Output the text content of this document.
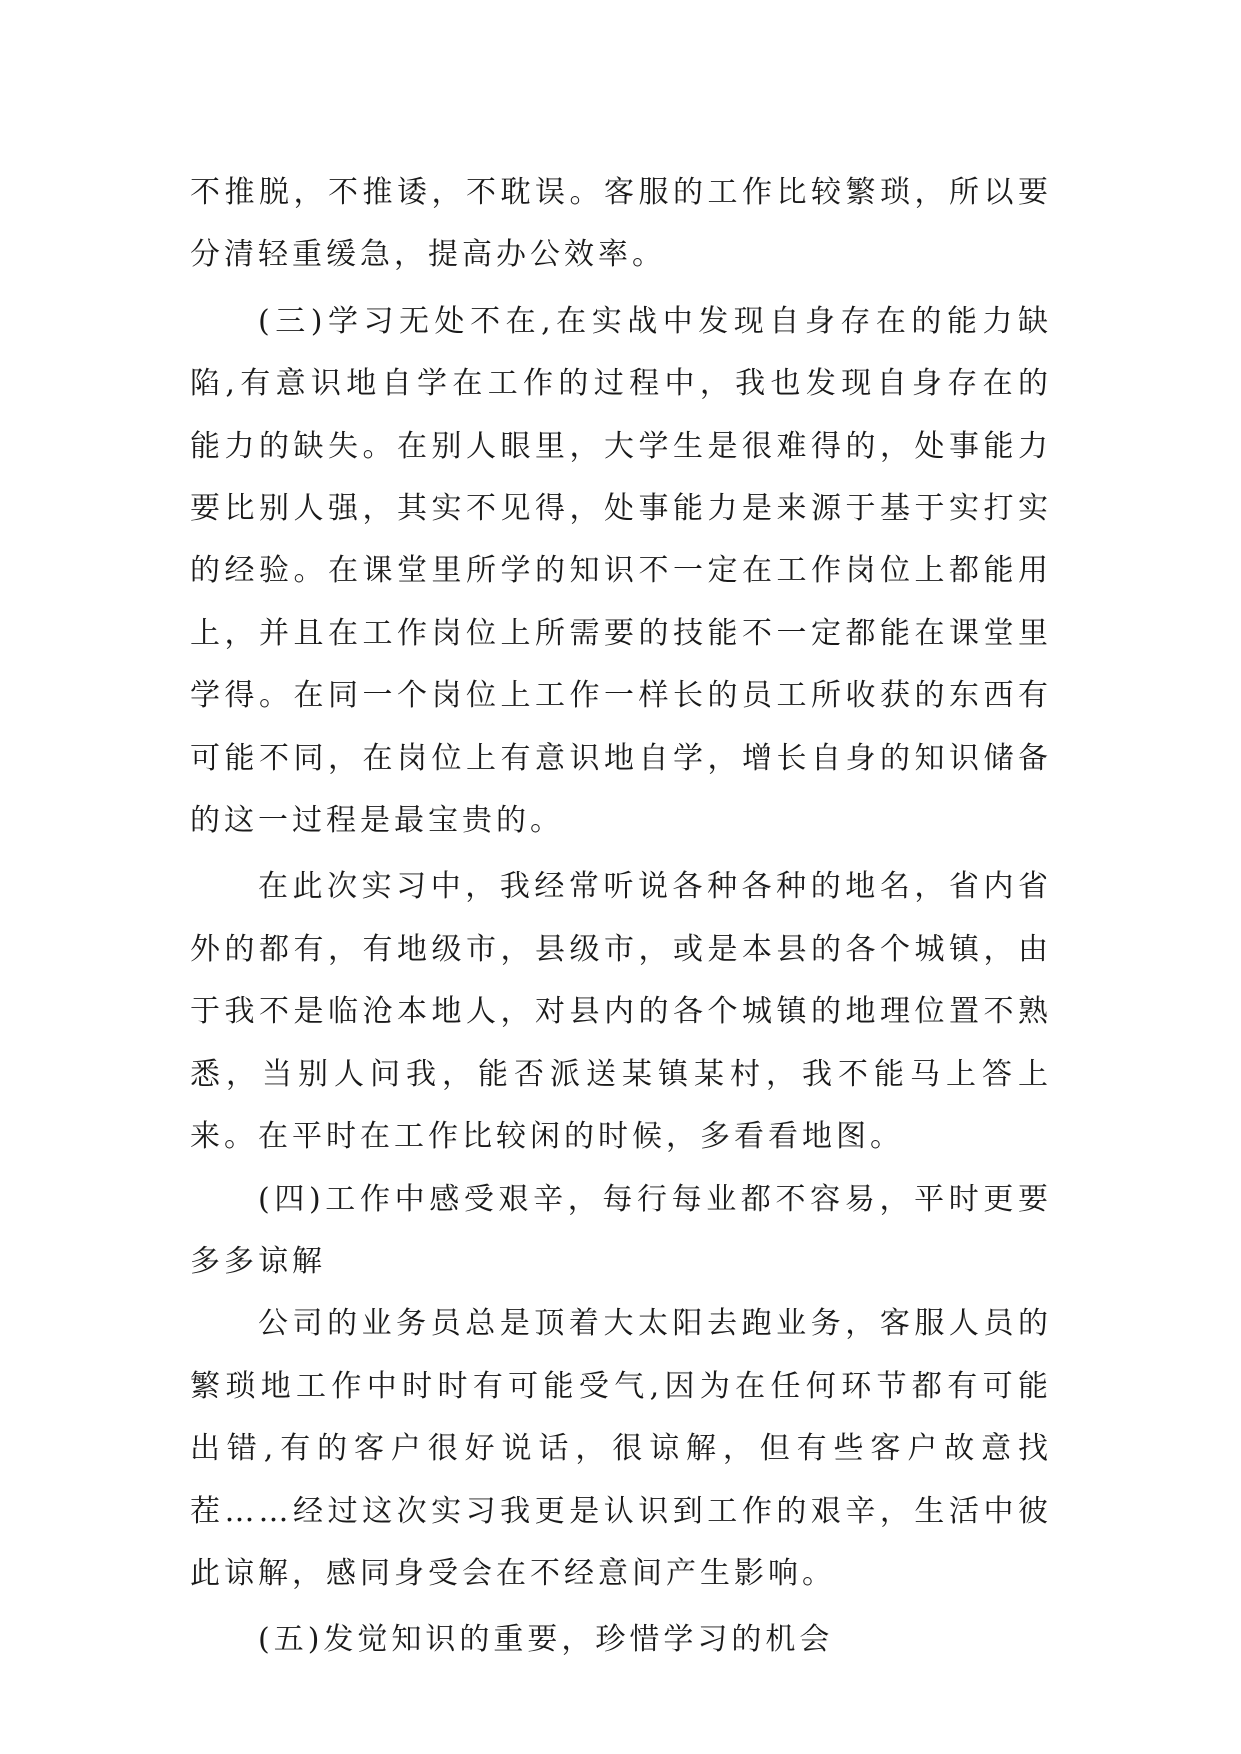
不推脱，不推诿，不耽误。客服的工作比较繁琐，所以要分清轻重缓急，提高办公效率。

(三)学习无处不在,在实战中发现自身存在的能力缺陷,有意识地自学在工作的过程中，我也发现自身存在的能力的缺失。在别人眼里，大学生是很难得的，处事能力要比别人强，其实不见得，处事能力是来源于基于实打实的经验。在课堂里所学的知识不一定在工作岗位上都能用上，并且在工作岗位上所需要的技能不一定都能在课堂里学得。在同一个岗位上工作一样长的员工所收获的东西有可能不同，在岗位上有意识地自学，增长自身的知识储备的这一过程是最宝贵的。

在此次实习中，我经常听说各种各种的地名，省内省外的都有，有地级市，县级市，或是本县的各个城镇，由于我不是临沧本地人，对县内的各个城镇的地理位置不熟悉，当别人问我，能否派送某镇某村，我不能马上答上来。在平时在工作比较闲的时候，多看看地图。

(四)工作中感受艰辛，每行每业都不容易，平时更要多多谅解

公司的业务员总是顶着大太阳去跑业务，客服人员的繁琐地工作中时时有可能受气,因为在任何环节都有可能出错,有的客户很好说话，很谅解，但有些客户故意找茬……经过这次实习我更是认识到工作的艰辛，生活中彼此谅解，感同身受会在不经意间产生影响。

(五)发觉知识的重要，珍惜学习的机会
